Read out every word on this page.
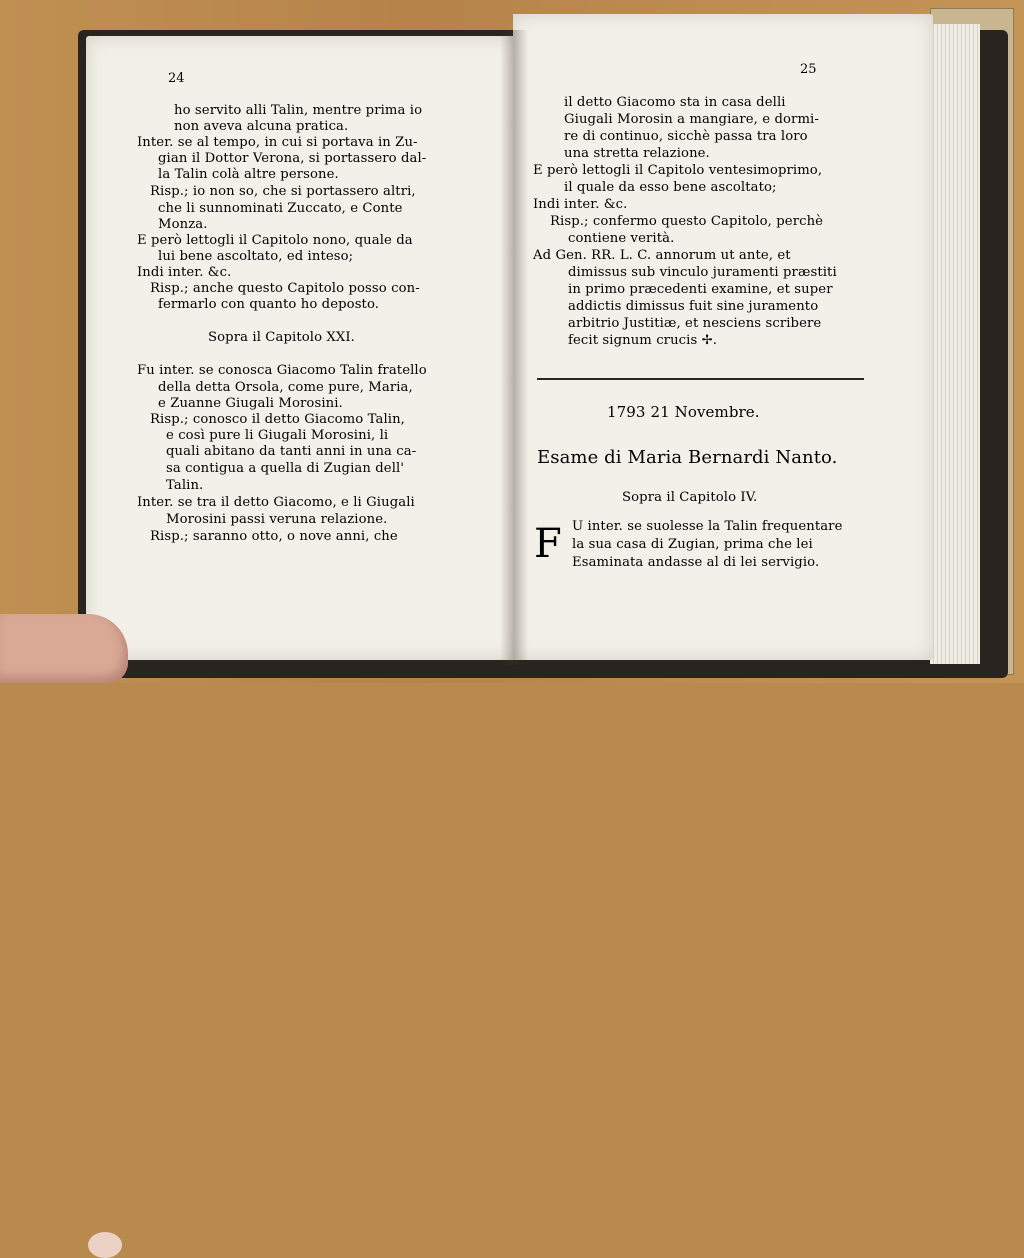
24
ho servito alli Talin, mentre prima io
non aveva alcuna pratica.
Inter. se al tempo, in cui si portava in Zu-
gian il Dottor Verona, si portassero dal-
la Talin colà altre persone.
Risp.; io non so, che si portassero altri,
che li sunnominati Zuccato, e Conte
Monza.
E però lettogli il Capitolo nono, quale da
lui bene ascoltato, ed inteso;
Indi inter. &c.
Risp.; anche questo Capitolo posso con-
fermarlo con quanto ho deposto.
Sopra il Capitolo XXI.
Fu inter. se conosca Giacomo Talin fratello
della detta Orsola, come pure, Maria,
e Zuanne Giugali Morosini.
Risp.; conosco il detto Giacomo Talin,
e così pure li Giugali Morosini, li
quali abitano da tanti anni in una ca-
sa contigua a quella di Zugian dell'
Talin.
Inter. se tra il detto Giacomo, e li Giugali
Morosini passi veruna relazione.
Risp.; saranno otto, o nove anni, che
25
il detto Giacomo sta in casa delli
Giugali Morosin a mangiare, e dormi-
re di continuo, sicchè passa tra loro
una stretta relazione.
E però lettogli il Capitolo ventesimoprimo,
il quale da esso bene ascoltato;
Indi inter. &c.
Risp.; confermo questo Capitolo, perchè
contiene verità.
Ad Gen. RR. L. C. annorum ut ante, et
dimissus sub vinculo juramenti præstiti
in primo præcedenti examine, et super
addictis dimissus fuit sine juramento
arbitrio Justitiæ, et nesciens scribere
fecit signum crucis ✢.
1793 21 Novembre.
Esame di Maria Bernardi Nanto.
Sopra il Capitolo IV.
F U inter. se suolesse la Talin frequentare
la sua casa di Zugian, prima che lei
Esaminata andasse al di lei servigio.
